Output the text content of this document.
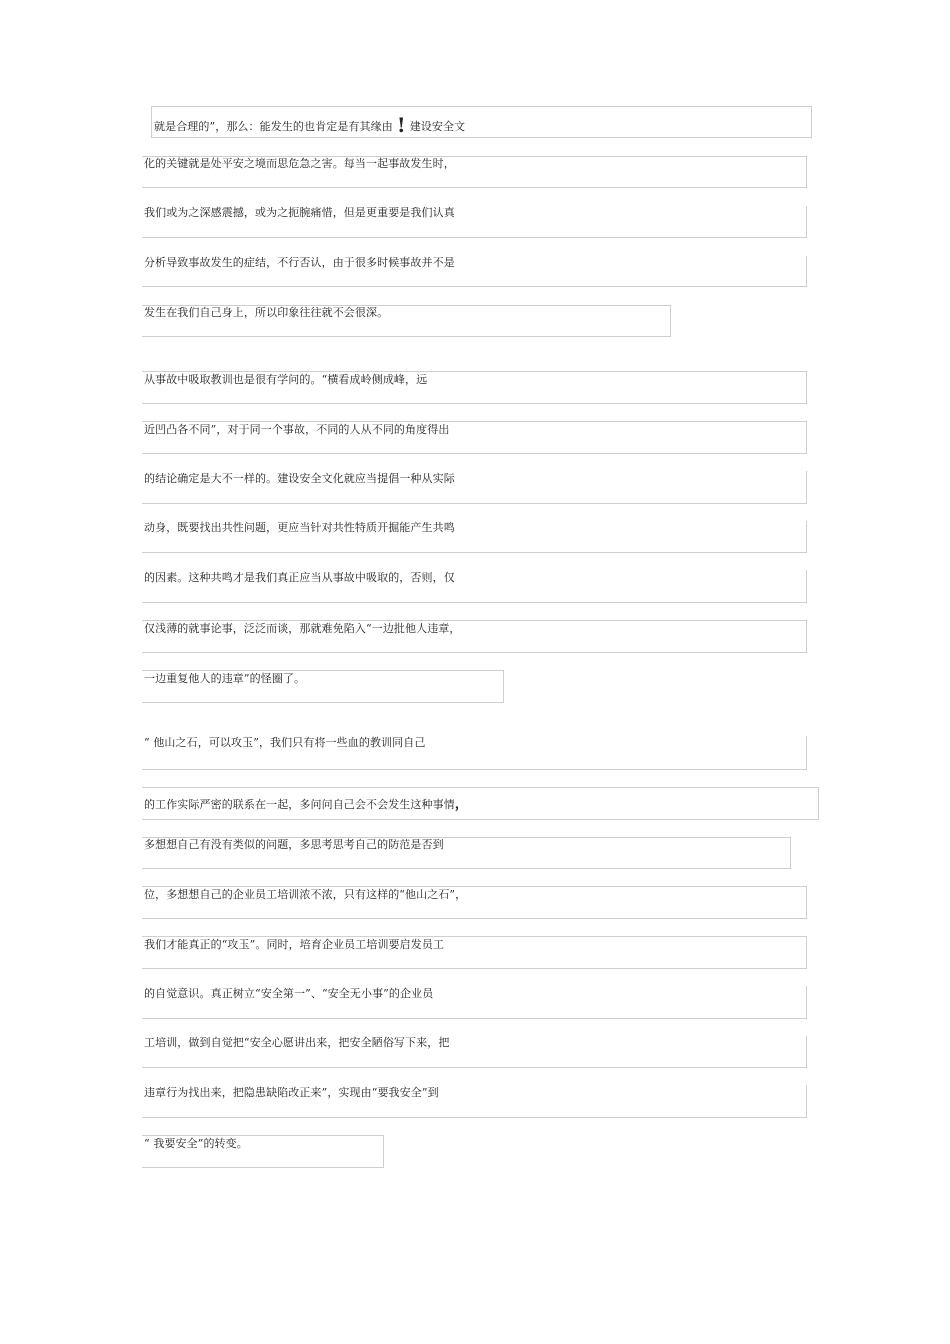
就是合理的”，那么：能发生的也肯定是有其缘由 ! 建设安全文
化的关键就是处平安之境而思危急之害。每当一起事故发生时，
我们或为之深感震撼，或为之扼腕痛惜，但是更重要是我们认真
分析导致事故发生的症结，不行否认，由于很多时候事故并不是
发生在我们自己身上，所以印象往往就不会很深。
从事故中吸取教训也是很有学问的。“横看成岭侧成峰，远
近凹凸各不同”，对于同一个事故，不同的人从不同的角度得出
的结论确定是大不一样的。建设安全文化就应当提倡一种从实际
动身，既要找出共性问题，更应当针对共性特质开掘能产生共鸣
的因素。这种共鸣才是我们真正应当从事故中吸取的，否则，仅
仅浅薄的就事论事，泛泛而谈，那就难免陷入“一边批他人违章，
一边重复他人的违章”的怪圈了。
“ 他山之石，可以攻玉”，我们只有将一些血的教训同自己
的工作实际严密的联系在一起，多问问自己会不会发生这种事情，
多想想自己有没有类似的问题，多思考思考自己的防范是否到
位，多想想自己的企业员工培训浓不浓，只有这样的“他山之石”，
我们才能真正的“攻玉”。同时，培育企业员工培训要启发员工
的自觉意识。真正树立“安全第一”、“安全无小事”的企业员
工培训，做到自觉把“安全心愿讲出来，把安全陋俗写下来，把
违章行为找出来，把隐患缺陷改正来”，实现由“要我安全”到
“ 我要安全”的转变。
